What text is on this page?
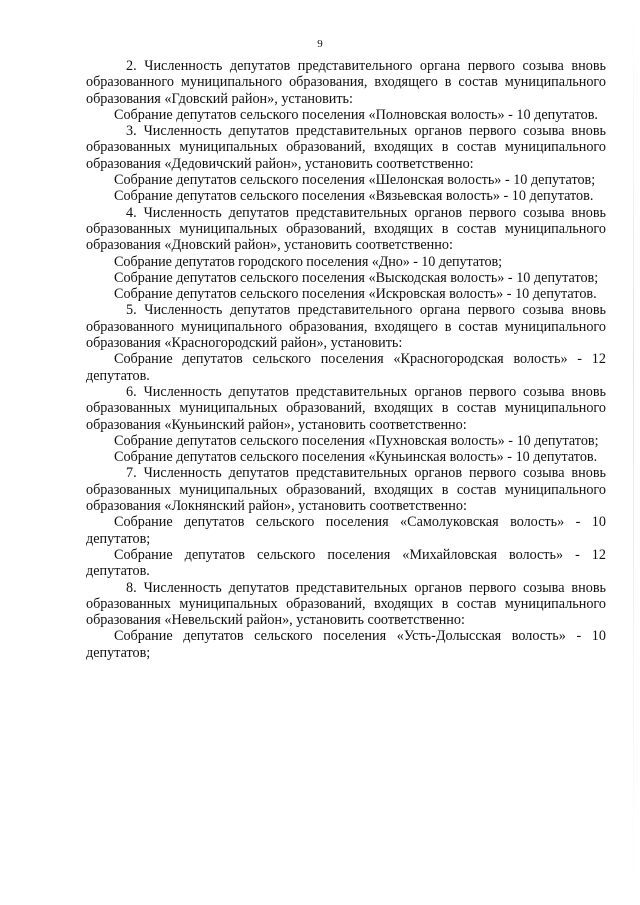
9

2. Численность депутатов представительного органа первого созыва вновь образованного муниципального образования, входящего в состав муниципального образования «Гдовский район», установить:

Собрание депутатов сельского поселения «Полновская волость» - 10 депутатов.

3. Численность депутатов представительных органов первого созыва вновь образованных муниципальных образований, входящих в состав муниципального образования «Дедовичский район», установить соответственно:

Собрание депутатов сельского поселения «Шелонская волость» - 10 депутатов;

Собрание депутатов сельского поселения «Вязьевская волость» - 10 депутатов.

4. Численность депутатов представительных органов первого созыва вновь образованных муниципальных образований, входящих в состав муниципального образования «Дновский район», установить соответственно:

Собрание депутатов городского поселения «Дно» - 10 депутатов;

Собрание депутатов сельского поселения «Выскодская волость» - 10 депутатов;

Собрание депутатов сельского поселения «Искровская волость» - 10 депутатов.

5. Численность депутатов представительного органа первого созыва вновь образованного муниципального образования, входящего в состав муниципального образования «Красногородский район», установить:

Собрание депутатов сельского поселения «Красногородская волость» - 12 депутатов.

6. Численность депутатов представительных органов первого созыва вновь образованных муниципальных образований, входящих в состав муниципального образования «Куньинский район», установить соответственно:

Собрание депутатов сельского поселения «Пухновская волость» - 10 депутатов;

Собрание депутатов сельского поселения «Куньинская волость» - 10 депутатов.

7. Численность депутатов представительных органов первого созыва вновь образованных муниципальных образований, входящих в состав муниципального образования «Локнянский район», установить соответственно:

Собрание депутатов сельского поселения «Самолуковская волость» - 10 депутатов;

Собрание депутатов сельского поселения «Михайловская волость» - 12 депутатов.

8. Численность депутатов представительных органов первого созыва вновь образованных муниципальных образований, входящих в состав муниципального образования «Невельский район», установить соответственно:

Собрание депутатов сельского поселения «Усть-Долысская волость» - 10 депутатов;
